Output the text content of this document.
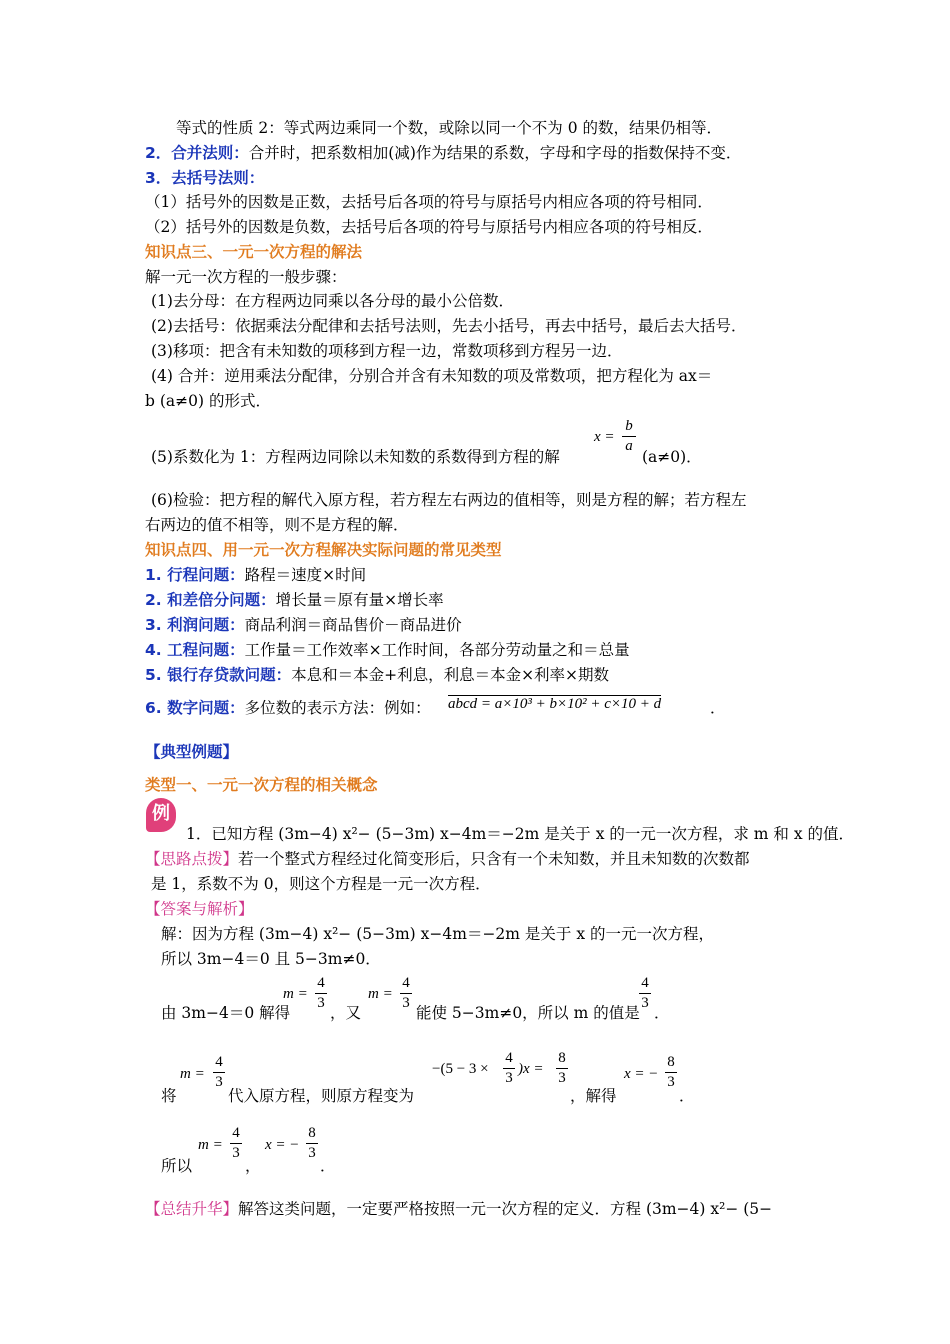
等式的性质 2：等式两边乘同一个数，或除以同一个不为 0 的数，结果仍相等．
2．合并法则：合并时，把系数相加(减)作为结果的系数，字母和字母的指数保持不变．
3．去括号法则：
（1）括号外的因数是正数，去括号后各项的符号与原括号内相应各项的符号相同．
（2）括号外的因数是负数，去括号后各项的符号与原括号内相应各项的符号相反．
知识点三、一元一次方程的解法
解一元一次方程的一般步骤：
(1)去分母：在方程两边同乘以各分母的最小公倍数．
(2)去括号：依据乘法分配律和去括号法则，先去小括号，再去中括号，最后去大括号．
(3)移项：把含有未知数的项移到方程一边，常数项移到方程另一边．
(4) 合并：逆用乘法分配律，分别合并含有未知数的项及常数项，把方程化为 ax＝
b (a≠0) 的形式．
(5)系数化为 1：方程两边同除以未知数的系数得到方程的解
x =
b
a
(a≠0)．
(6)检验：把方程的解代入原方程，若方程左右两边的值相等，则是方程的解；若方程左
右两边的值不相等，则不是方程的解．
知识点四、用一元一次方程解决实际问题的常见类型
1. 行程问题：路程＝速度×时间
2. 和差倍分问题：增长量＝原有量×增长率
3. 利润问题：商品利润＝商品售价－商品进价
4. 工程问题：工作量＝工作效率×工作时间，各部分劳动量之和＝总量
5. 银行存贷款问题：本息和＝本金+利息，利息＝本金×利率×期数
6. 数字问题：多位数的表示方法：例如： abcd = a×10³ + b×10² + c×10 + d	．
【典型例题】
类型一、一元一次方程的相关概念
例
1．已知方程 (3m−4) x²− (5−3m) x−4m＝−2m 是关于 x 的一元一次方程，求 m 和 x 的值．
【思路点拨】若一个整式方程经过化简变形后，只含有一个未知数，并且未知数的次数都
是 1，系数不为 0，则这个方程是一元一次方程．
【答案与解析】
解：因为方程 (3m−4) x²− (5−3m) x−4m＝−2m 是关于 x 的一元一次方程，
所以 3m−4＝0 且 5−3m≠0．
由 3m−4＝0 解得
m =
4
3
，又
m =
4
3
能使 5−3m≠0，所以 m 的值是
4
3
．
将
m =
4
3
代入原方程，则原方程变为
−(5 − 3 ×
4
3
)x =
8
3
，解得
x = −
8
3
．
所以
m =
4
3
，
x = −
8
3
．
【总结升华】解答这类问题，一定要严格按照一元一次方程的定义．方程 (3m−4) x²− (5−
